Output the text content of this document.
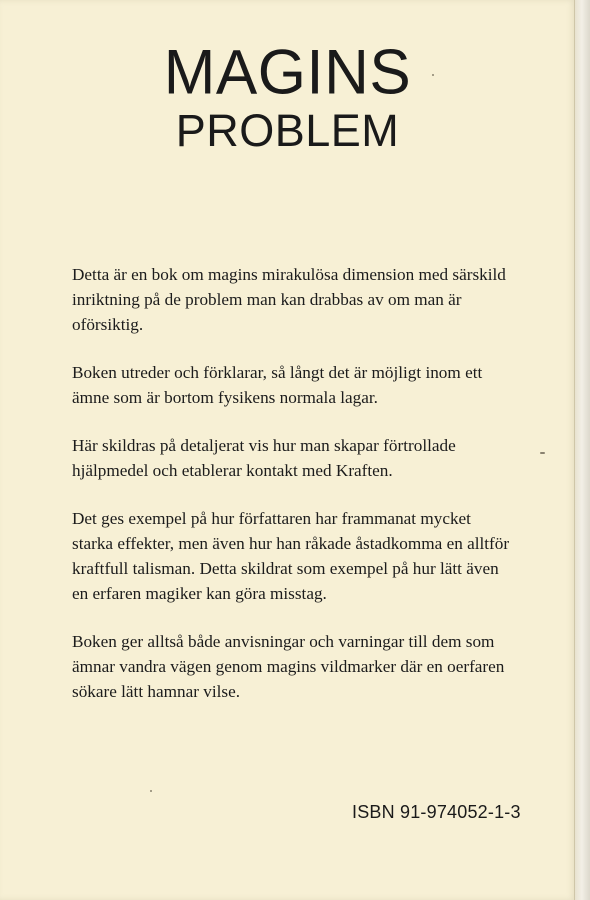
MAGINS
PROBLEM

Detta är en bok om magins mirakulösa dimension med särskild inriktning på de problem man kan drabbas av om man är oförsiktig.

Boken utreder och förklarar, så långt det är möjligt inom ett ämne som är bortom fysikens normala lagar.

Här skildras på detaljerat vis hur man skapar förtrollade hjälpmedel och etablerar kontakt med Kraften.

Det ges exempel på hur författaren har frammanat mycket starka effekter, men även hur han råkade åstadkomma en alltför kraftfull talisman. Detta skildrat som exempel på hur lätt även en erfaren magiker kan göra misstag.

Boken ger alltså både anvisningar och varningar till dem som ämnar vandra vägen genom magins vildmarker där en oerfaren sökare lätt hamnar vilse.

ISBN 91-974052-1-3
